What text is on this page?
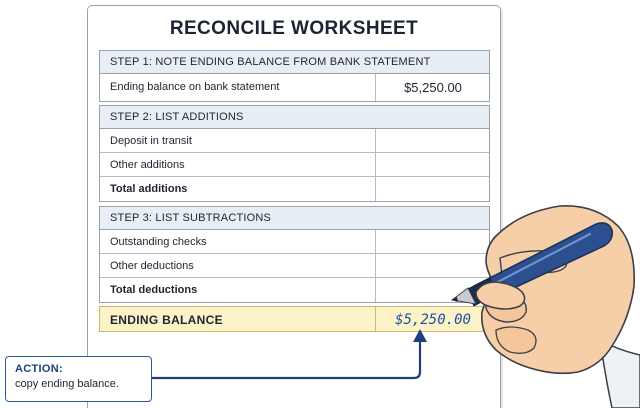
RECONCILE WORKSHEET
STEP 1: NOTE ENDING BALANCE FROM BANK STATEMENT
Ending balance on bank statement	$5,250.00
STEP 2: LIST ADDITIONS
Deposit in transit
Other additions
Total additions
STEP 3: LIST SUBTRACTIONS
Outstanding checks
Other deductions
Total deductions
ENDING BALANCE	$5,250.00
ACTION:
copy ending balance.
